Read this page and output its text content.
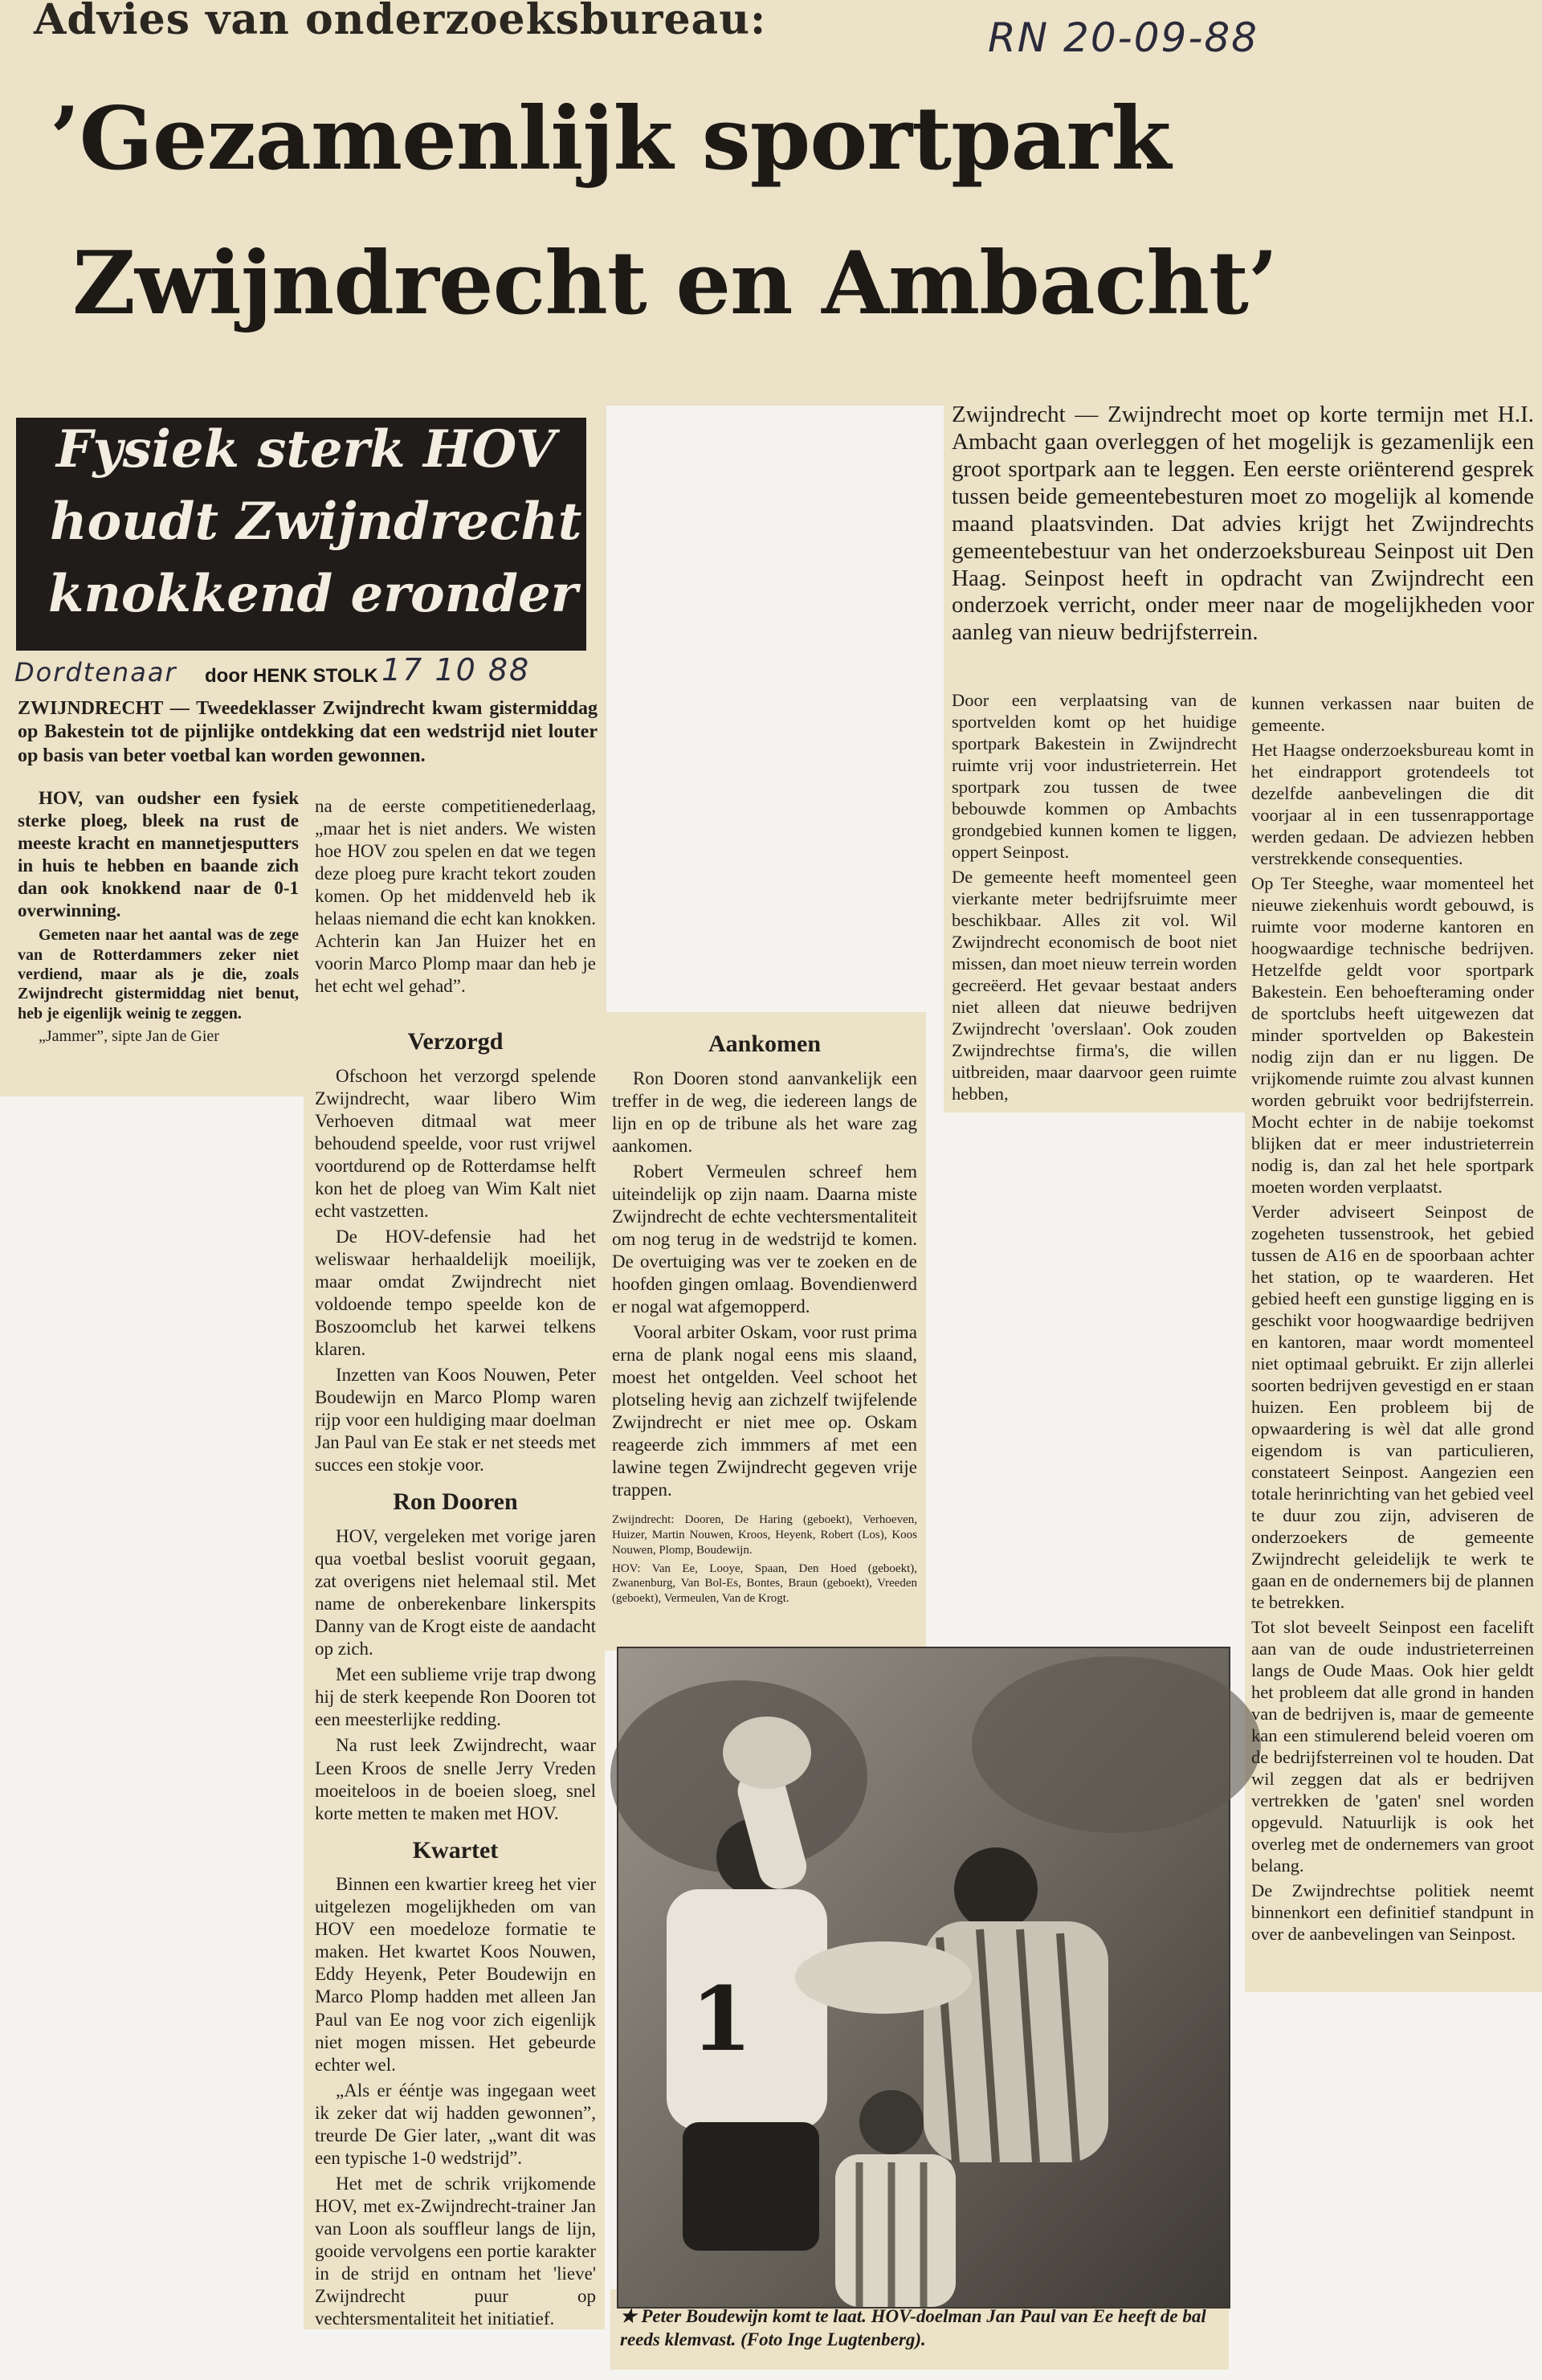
Advies van onderzoeksbureau:	RN 20-09-88
’Gezamenlijk sportpark
Zwijndrecht en Ambacht’
Fysiek sterk HOV
houdt Zwijndrecht
knokkend eronder
Dordtenaar door HENK STOLK 17 10 88

ZWIJNDRECHT — Tweedeklasser Zwijndrecht kwam gistermiddag op Bakestein tot de pijnlijke ontdekking dat een wedstrijd niet louter op basis van beter voetbal kan worden gewonnen.

HOV, van oudsher een fysiek sterke ploeg, bleek na rust de meeste kracht en mannetjesputters in huis te hebben en baande zich dan ook knokkend naar de 0-1 overwinning.

Gemeten naar het aantal was de zege van de Rotterdammers zeker niet verdiend, maar als je die, zoals Zwijndrecht gistermiddag niet benut, heb je eigenlijk weinig te zeggen.

„Jammer”, sipte Jan de Gier

na de eerste competitienederlaag, „maar het is niet anders. We wisten hoe HOV zou spelen en dat we tegen deze ploeg pure kracht tekort zouden komen. Op het middenveld heb ik helaas niemand die echt kan knokken. Achterin kan Jan Huizer het en voorin Marco Plomp maar dan heb je het echt wel gehad”.

Verzorgd

Ofschoon het verzorgd spelende Zwijndrecht, waar libero Wim Verhoeven ditmaal wat meer behoudend speelde, voor rust vrijwel voortdurend op de Rotterdamse helft kon het de ploeg van Wim Kalt niet echt vastzetten.

De HOV-defensie had het weliswaar herhaaldelijk moeilijk, maar omdat Zwijndrecht niet voldoende tempo speelde kon de Boszoomclub het karwei telkens klaren.

Inzetten van Koos Nouwen, Peter Boudewijn en Marco Plomp waren rijp voor een huldiging maar doelman Jan Paul van Ee stak er net steeds met succes een stokje voor.

Ron Dooren

HOV, vergeleken met vorige jaren qua voetbal beslist vooruit gegaan, zat overigens niet helemaal stil. Met name de onberekenbare linkerspits Danny van de Krogt eiste de aandacht op zich.

Met een sublieme vrije trap dwong hij de sterk keepende Ron Dooren tot een meesterlijke redding.

Na rust leek Zwijndrecht, waar Leen Kroos de snelle Jerry Vreden moeiteloos in de boeien sloeg, snel korte metten te maken met HOV.

Kwartet

Binnen een kwartier kreeg het vier uitgelezen mogelijkheden om van HOV een moedeloze formatie te maken. Het kwartet Koos Nouwen, Eddy Heyenk, Peter Boudewijn en Marco Plomp hadden met alleen Jan Paul van Ee nog voor zich eigenlijk niet mogen missen. Het gebeurde echter wel.

„Als er ééntje was ingegaan weet ik zeker dat wij hadden gewonnen”, treurde De Gier later, „want dit was een typische 1-0 wedstrijd”.

Het met de schrik vrijkomende HOV, met ex-Zwijndrecht-trainer Jan van Loon als souffleur langs de lijn, gooide vervolgens een portie karakter in de strijd en ontnam het 'lieve' Zwijndrecht puur op vechtersmentaliteit het initiatief.

Aankomen

Ron Dooren stond aanvankelijk een treffer in de weg, die iedereen langs de lijn en op de tribune als het ware zag aankomen.

Robert Vermeulen schreef hem uiteindelijk op zijn naam. Daarna miste Zwijndrecht de echte vechtersmentaliteit om nog terug in de wedstrijd te komen. De overtuiging was ver te zoeken en de hoofden gingen omlaag. Bovendienwerd er nogal wat afgemopperd.

Vooral arbiter Oskam, voor rust prima erna de plank nogal eens mis slaand, moest het ontgelden. Veel schoot het plotseling hevig aan zichzelf twijfelende Zwijndrecht er niet mee op. Oskam reageerde zich immmers af met een lawine tegen Zwijndrecht gegeven vrije trappen.

Zwijndrecht: Dooren, De Haring (geboekt), Verhoeven, Huizer, Martin Nouwen, Kroos, Heyenk, Robert (Los), Koos Nouwen, Plomp, Boudewijn.

HOV: Van Ee, Looye, Spaan, Den Hoed (geboekt), Zwanenburg, Van Bol-Es, Bontes, Braun (geboekt), Vreeden (geboekt), Vermeulen, Van de Krogt.

1
★ Peter Boudewijn komt te laat. HOV-doelman Jan Paul van Ee heeft de bal reeds klemvast. (Foto Inge Lugtenberg).

Zwijndrecht — Zwijndrecht moet op korte termijn met H.I. Ambacht gaan overleggen of het mogelijk is gezamenlijk een groot sportpark aan te leggen. Een eerste oriënterend gesprek tussen beide gemeentebesturen moet zo mogelijk al komende maand plaatsvinden. Dat advies krijgt het Zwijndrechts gemeentebestuur van het onderzoeksbureau Seinpost uit Den Haag. Seinpost heeft in opdracht van Zwijndrecht een onderzoek verricht, onder meer naar de mogelijkheden voor aanleg van nieuw bedrijfsterrein.

Door een verplaatsing van de sportvelden komt op het huidige sportpark Bakestein in Zwijndrecht ruimte vrij voor industrieterrein. Het sportpark zou tussen de twee bebouwde kommen op Ambachts grondgebied kunnen komen te liggen, oppert Seinpost.

De gemeente heeft momenteel geen vierkante meter bedrijfsruimte meer beschikbaar. Alles zit vol. Wil Zwijndrecht economisch de boot niet missen, dan moet nieuw terrein worden gecreëerd. Het gevaar bestaat anders niet alleen dat nieuwe bedrijven Zwijndrecht 'overslaan'. Ook zouden Zwijndrechtse firma's, die willen uitbreiden, maar daarvoor geen ruimte hebben,

kunnen verkassen naar buiten de gemeente.

Het Haagse onderzoeksbureau komt in het eindrapport grotendeels tot dezelfde aanbevelingen die dit voorjaar al in een tussenrapportage werden gedaan. De adviezen hebben verstrekkende consequenties.

Op Ter Steeghe, waar momenteel het nieuwe ziekenhuis wordt gebouwd, is ruimte voor moderne kantoren en hoogwaardige technische bedrijven. Hetzelfde geldt voor sportpark Bakestein. Een behoefteraming onder de sportclubs heeft uitgewezen dat minder sportvelden op Bakestein nodig zijn dan er nu liggen. De vrijkomende ruimte zou alvast kunnen worden gebruikt voor bedrijfsterrein. Mocht echter in de nabije toekomst blijken dat er meer industrieterrein nodig is, dan zal het hele sportpark moeten worden verplaatst.

Verder adviseert Seinpost de zogeheten tussenstrook, het gebied tussen de A16 en de spoorbaan achter het station, op te waarderen. Het gebied heeft een gunstige ligging en is geschikt voor hoogwaardige bedrijven en kantoren, maar wordt momenteel niet optimaal gebruikt. Er zijn allerlei soorten bedrijven gevestigd en er staan huizen. Een probleem bij de opwaardering is wèl dat alle grond eigendom is van particulieren, constateert Seinpost. Aangezien een totale herinrichting van het gebied veel te duur zou zijn, adviseren de onderzoekers de gemeente Zwijndrecht geleidelijk te werk te gaan en de ondernemers bij de plannen te betrekken.

Tot slot beveelt Seinpost een facelift aan van de oude industrieterreinen langs de Oude Maas. Ook hier geldt het probleem dat alle grond in handen van de bedrijven is, maar de gemeente kan een stimulerend beleid voeren om de bedrijfsterreinen vol te houden. Dat wil zeggen dat als er bedrijven vertrekken de 'gaten' snel worden opgevuld. Natuurlijk is ook het overleg met de ondernemers van groot belang.

De Zwijndrechtse politiek neemt binnenkort een definitief standpunt in over de aanbevelingen van Seinpost.
